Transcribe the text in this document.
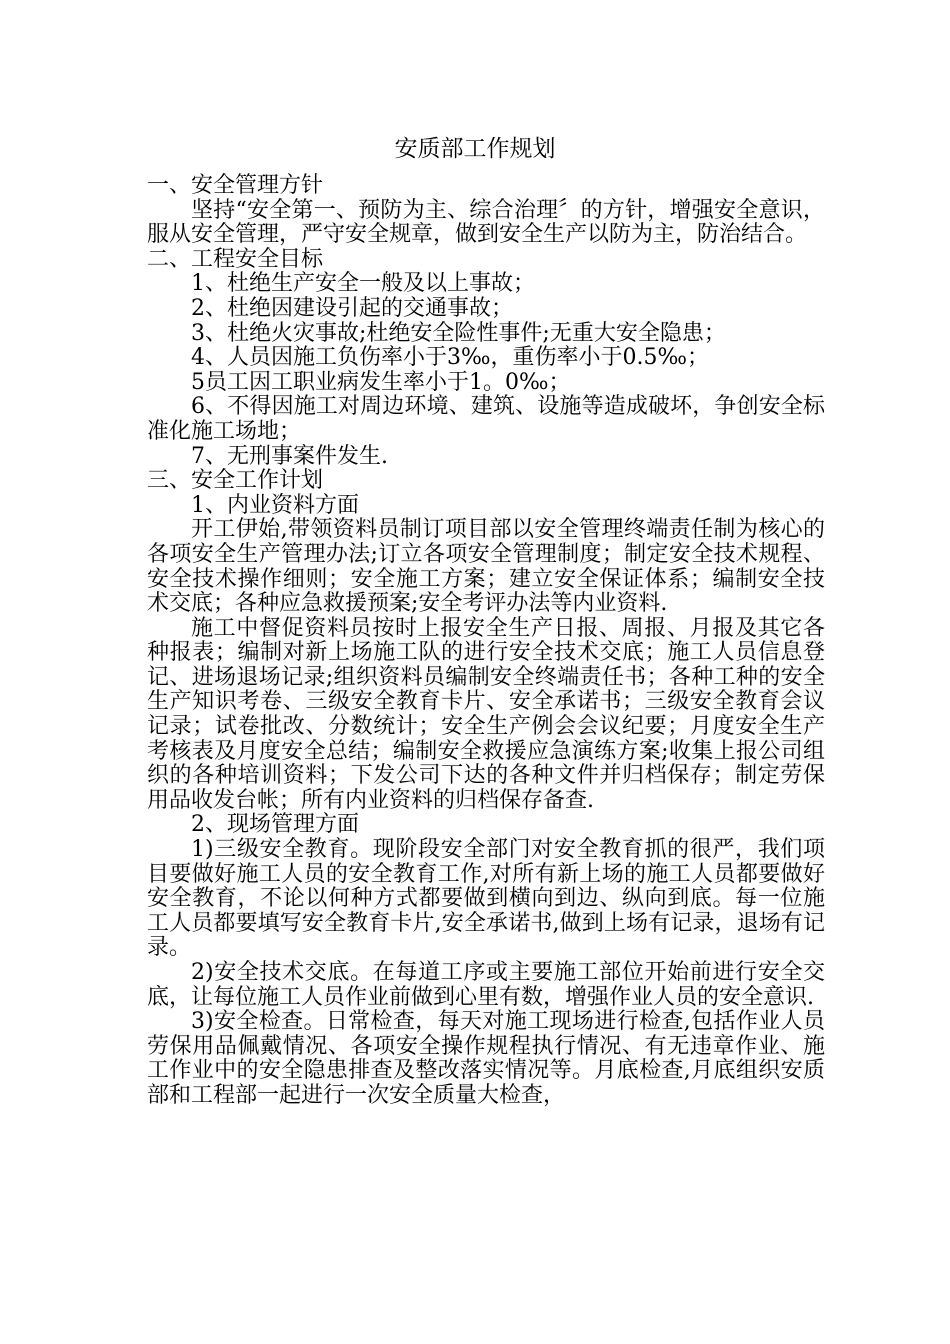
安质部工作规划

一、安全管理方针

坚持“安全第一、预防为主、综合治理〞的方针，增强安全意识，服从安全管理，严守安全规章，做到安全生产以防为主，防治结合。

二、工程安全目标

1、杜绝生产安全一般及以上事故；

2、杜绝因建设引起的交通事故；

3、杜绝火灾事故;杜绝安全险性事件;无重大安全隐患；

4、人员因施工负伤率小于3‰，重伤率小于0.5‰；

5员工因工职业病发生率小于1。0‰；

6、不得因施工对周边环境、建筑、设施等造成破坏，争创安全标准化施工场地；

7、无刑事案件发生.

三、安全工作计划

1、内业资料方面

开工伊始,带领资料员制订项目部以安全管理终端责任制为核心的各项安全生产管理办法;订立各项安全管理制度；制定安全技术规程、安全技术操作细则；安全施工方案；建立安全保证体系；编制安全技术交底；各种应急救援预案;安全考评办法等内业资料.

施工中督促资料员按时上报安全生产日报、周报、月报及其它各种报表；编制对新上场施工队的进行安全技术交底；施工人员信息登记、进场退场记录;组织资料员编制安全终端责任书；各种工种的安全生产知识考卷、三级安全教育卡片、安全承诺书；三级安全教育会议记录；试卷批改、分数统计；安全生产例会会议纪要；月度安全生产考核表及月度安全总结；编制安全救援应急演练方案;收集上报公司组织的各种培训资料；下发公司下达的各种文件并归档保存；制定劳保用品收发台帐；所有内业资料的归档保存备查.

2、现场管理方面

1)三级安全教育。现阶段安全部门对安全教育抓的很严，我们项目要做好施工人员的安全教育工作,对所有新上场的施工人员都要做好安全教育，不论以何种方式都要做到横向到边、纵向到底。每一位施工人员都要填写安全教育卡片,安全承诺书,做到上场有记录，退场有记录。

2)安全技术交底。在每道工序或主要施工部位开始前进行安全交底，让每位施工人员作业前做到心里有数，增强作业人员的安全意识.

3)安全检查。日常检查，每天对施工现场进行检查,包括作业人员劳保用品佩戴情况、各项安全操作规程执行情况、有无违章作业、施工作业中的安全隐患排查及整改落实情况等。月底检查,月底组织安质部和工程部一起进行一次安全质量大检查，
